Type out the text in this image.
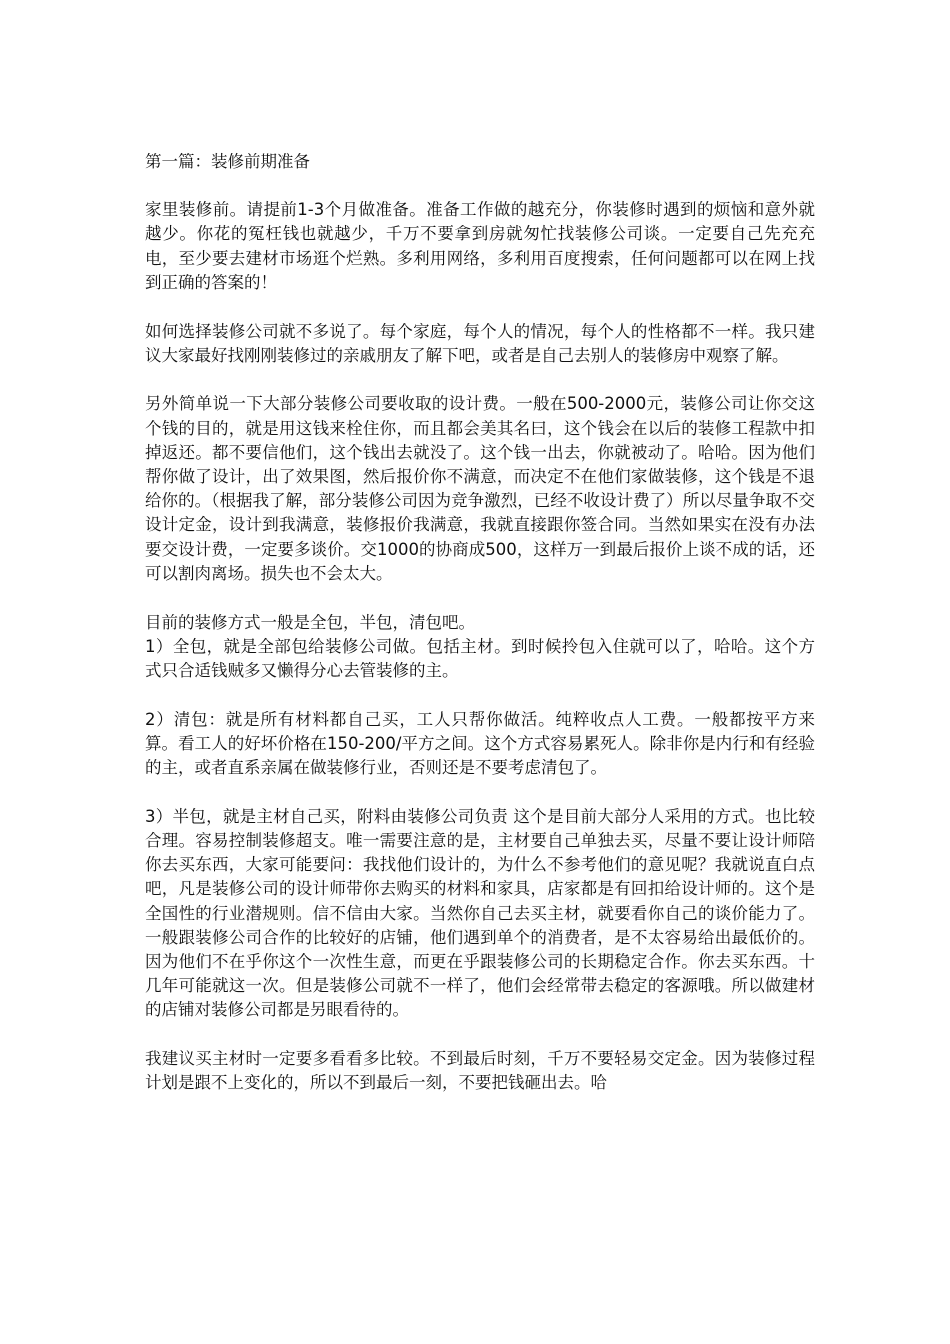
第一篇：装修前期准备

家里装修前。请提前1-3个月做准备。准备工作做的越充分，你装修时遇到的烦恼和意外就越少。你花的冤枉钱也就越少，千万不要拿到房就匆忙找装修公司谈。一定要自己先充充电，至少要去建材市场逛个烂熟。多利用网络，多利用百度搜索，任何问题都可以在网上找到正确的答案的！

如何选择装修公司就不多说了。每个家庭，每个人的情况，每个人的性格都不一样。我只建议大家最好找刚刚装修过的亲戚朋友了解下吧，或者是自己去别人的装修房中观察了解。

另外简单说一下大部分装修公司要收取的设计费。一般在500-2000元，装修公司让你交这个钱的目的，就是用这钱来栓住你，而且都会美其名曰，这个钱会在以后的装修工程款中扣掉返还。都不要信他们，这个钱出去就没了。这个钱一出去，你就被动了。哈哈。因为他们帮你做了设计，出了效果图，然后报价你不满意，而决定不在他们家做装修，这个钱是不退给你的。（根据我了解，部分装修公司因为竞争激烈，已经不收设计费了）所以尽量争取不交设计定金，设计到我满意，装修报价我满意，我就直接跟你签合同。当然如果实在没有办法要交设计费，一定要多谈价。交1000的协商成500，这样万一到最后报价上谈不成的话，还可以割肉离场。损失也不会太大。

目前的装修方式一般是全包，半包，清包吧。

1）全包，就是全部包给装修公司做。包括主材。到时候拎包入住就可以了，哈哈。这个方式只合适钱贼多又懒得分心去管装修的主。

2）清包：就是所有材料都自己买，工人只帮你做活。纯粹收点人工费。一般都按平方来算。看工人的好坏价格在150-200/平方之间。这个方式容易累死人。除非你是内行和有经验的主，或者直系亲属在做装修行业，否则还是不要考虑清包了。

3）半包，就是主材自己买，附料由装修公司负责 这个是目前大部分人采用的方式。也比较合理。容易控制装修超支。唯一需要注意的是，主材要自己单独去买，尽量不要让设计师陪你去买东西，大家可能要问：我找他们设计的，为什么不参考他们的意见呢？我就说直白点吧，凡是装修公司的设计师带你去购买的材料和家具，店家都是有回扣给设计师的。这个是全国性的行业潜规则。信不信由大家。当然你自己去买主材，就要看你自己的谈价能力了。一般跟装修公司合作的比较好的店铺，他们遇到单个的消费者，是不太容易给出最低价的。因为他们不在乎你这个一次性生意，而更在乎跟装修公司的长期稳定合作。你去买东西。十几年可能就这一次。但是装修公司就不一样了，他们会经常带去稳定的客源哦。所以做建材的店铺对装修公司都是另眼看待的。

我建议买主材时一定要多看看多比较。不到最后时刻，千万不要轻易交定金。因为装修过程计划是跟不上变化的，所以不到最后一刻，不要把钱砸出去。哈
